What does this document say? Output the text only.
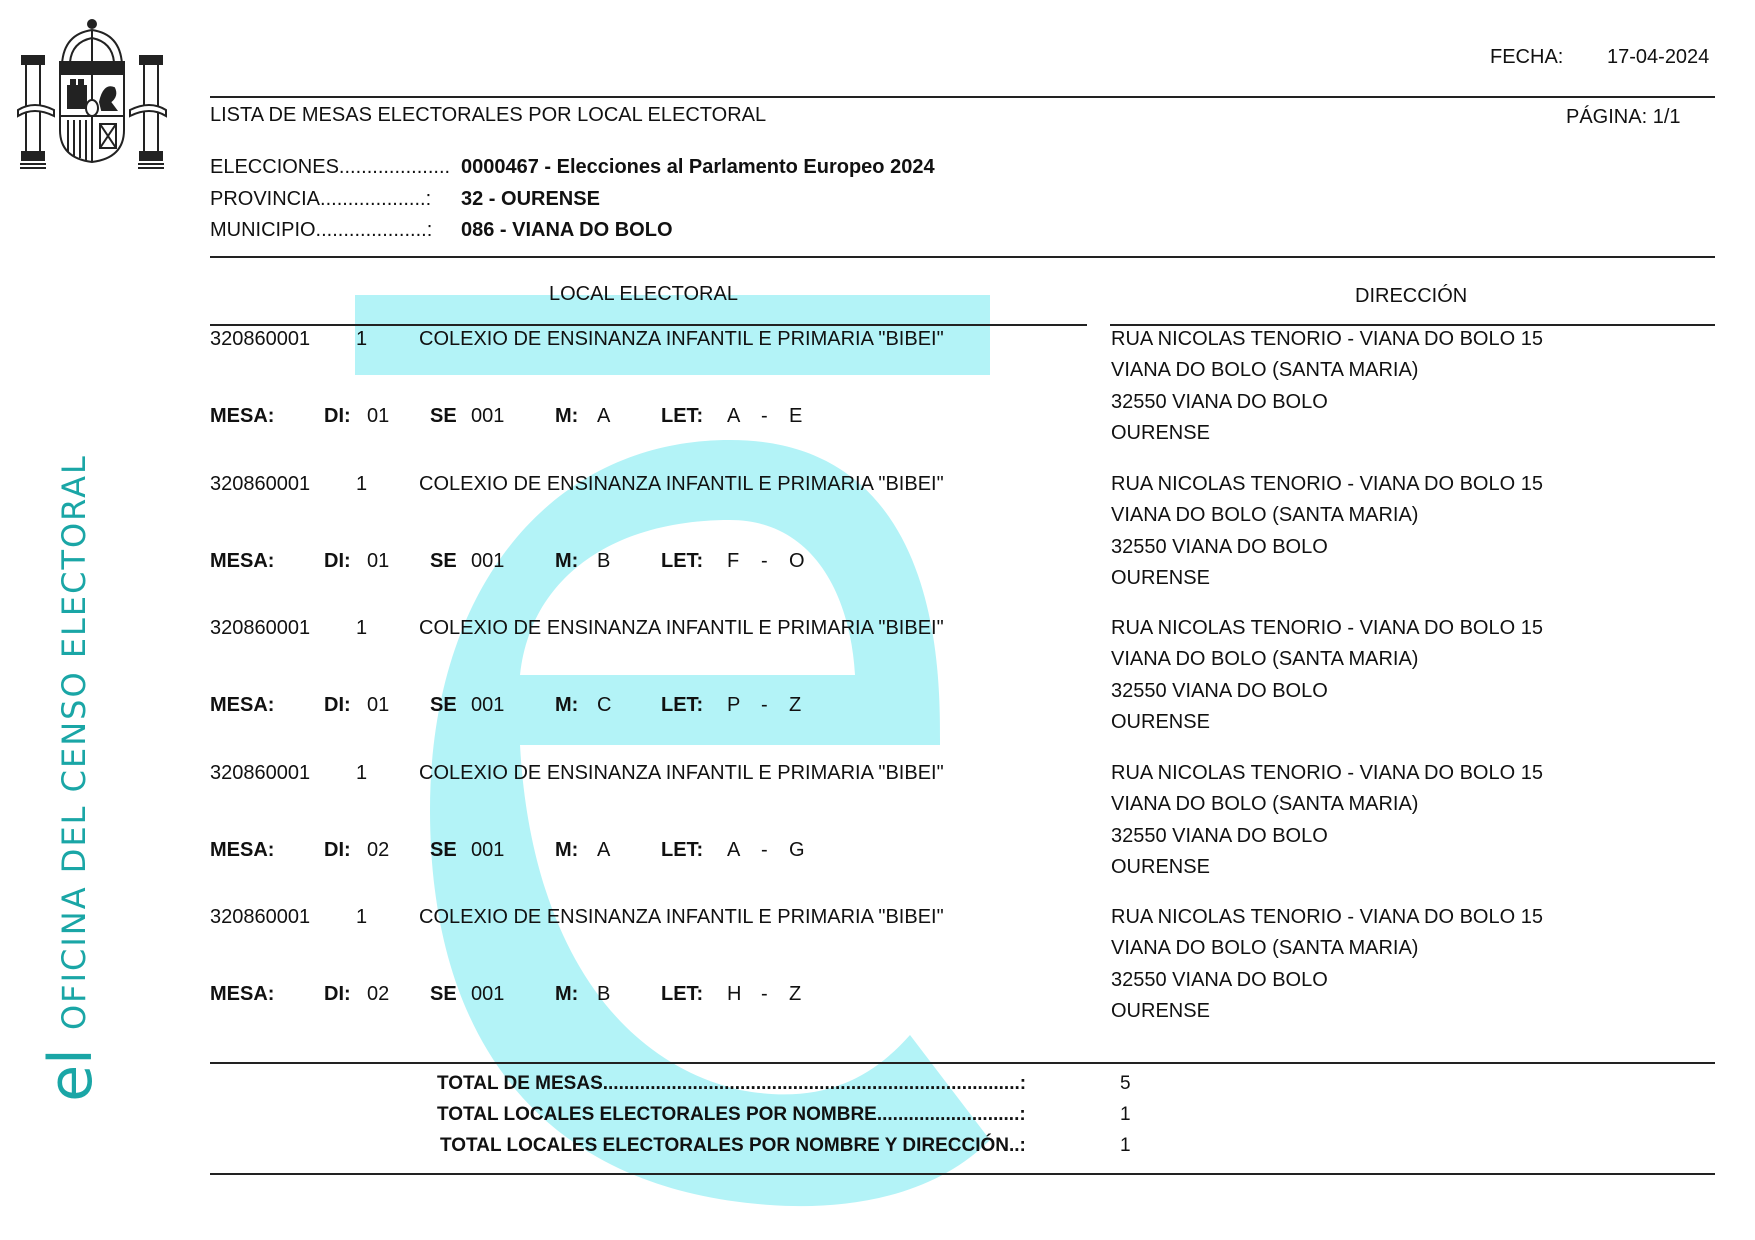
OFICINA DEL CENSO ELECTORAL
el
FECHA: 17-04-2024
LISTA DE MESAS ELECTORALES POR LOCAL ELECTORAL	PÁGINA: 1/1
ELECCIONES.................... 0000467 - Elecciones al Parlamento Europeo 2024
PROVINCIA...................: 32 - OURENSE
MUNICIPIO....................: 086 - VIANA DO BOLO
LOCAL ELECTORAL	DIRECCIÓN
320860001 1	COLEXIO DE ENSINANZA INFANTIL E PRIMARIA "BIBEI"
MESA: DI: 01 SE 001	M: A	LET: A - E
RUA NICOLAS TENORIO - VIANA DO BOLO 15
VIANA DO BOLO (SANTA MARIA)
32550 VIANA DO BOLO
OURENSE
320860001 1	COLEXIO DE ENSINANZA INFANTIL E PRIMARIA "BIBEI"
MESA: DI: 01 SE 001	M: B	LET: F - O
RUA NICOLAS TENORIO - VIANA DO BOLO 15
VIANA DO BOLO (SANTA MARIA)
32550 VIANA DO BOLO
OURENSE
320860001 1	COLEXIO DE ENSINANZA INFANTIL E PRIMARIA "BIBEI"
MESA: DI: 01 SE 001	M: C LET: P - Z
RUA NICOLAS TENORIO - VIANA DO BOLO 15
VIANA DO BOLO (SANTA MARIA)
32550 VIANA DO BOLO
OURENSE
320860001 1	COLEXIO DE ENSINANZA INFANTIL E PRIMARIA "BIBEI"
MESA: DI: 02 SE 001	M: A	LET: A - G
RUA NICOLAS TENORIO - VIANA DO BOLO 15
VIANA DO BOLO (SANTA MARIA)
32550 VIANA DO BOLO
OURENSE
320860001 1	COLEXIO DE ENSINANZA INFANTIL E PRIMARIA "BIBEI"
MESA: DI: 02 SE 001	M: B	LET: H - Z
RUA NICOLAS TENORIO - VIANA DO BOLO 15
VIANA DO BOLO (SANTA MARIA)
32550 VIANA DO BOLO
OURENSE
TOTAL DE MESAS...............................................................................:	5
TOTAL LOCALES ELECTORALES POR NOMBRE...........................:	1
TOTAL LOCALES ELECTORALES POR NOMBRE Y DIRECCIÓN..:	1
